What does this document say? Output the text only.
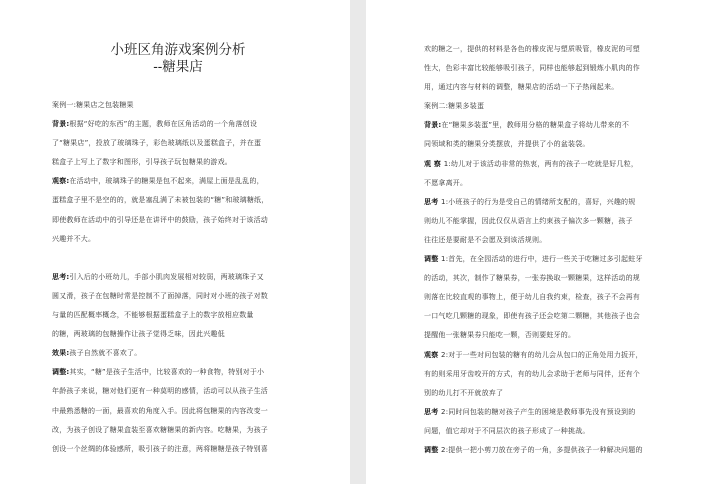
小班区角游戏案例分析
--糖果店
案例一:糖果店之包装糖果
背景:根据“好吃的东西”的主题，教师在区角活动的一个角落创设
了“糖果店”，投放了玻璃珠子，彩色玻璃纸以及蛋糕盒子，并在蛋
糕盒子上写上了数字和图形，引导孩子玩包糖果的游戏。
观察:在活动中，玻璃珠子的糖果是包不起来，满屋上面是乱乱的，
蛋糕盒子里不是空的的，就是塞乱满了未被包装的“糖”和玻璃糖纸，
即使教师在活动中的引导还是在讲评中的鼓励，孩子始终对于该活动
兴趣并不大。
思考:引入后的小班幼儿，手部小肌肉发展相对较弱，两玻璃珠子又
圆又滑，孩子在包糖时常是控制不了面掉落，同时对小班的孩子对数
与量的匹配概率概念，不能够根据蛋糕盒子上的数字放相应数量
的糖，两玻璃的包糖操作让孩子觉得乏味，因此兴趣低
效果:孩子自然就不喜欢了。
调整:其实，“糖”是孩子生活中，比较喜欢的一种食物，特别对于小
年龄孩子来说，糖对他们更有一种莫明的感情，活动可以从孩子生活
中最熟悉糖的一面，最喜欢的角度入手。因此将包糖果的内容改变一
改，为孩子创设了糖果盒装至喜欢糖糖果的新内容。吃糖果，为孩子
创设一个丝绸的体验感所，吸引孩子的注意，两将糖糖是孩子特别喜
欢的糖之一，提供的材料是各色的橡皮泥与塑质吸管，橡皮泥的可塑
性大，色彩丰富比较能够吸引孩子，同样也能够起到锻炼小肌肉的作
用，通过内容与材料的调整，糖果店的活动一下子热闹起来。
案例二:糖果多装蛋
背景:在“糖果多装蛋”里，教师用分格的糖果盒子将幼儿带来的不
同领域和类的糖果分类摆放，并提供了小的盆装袋。
观 察 1:幼儿对于该活动非常的热衷，两有的孩子一吃就是好几粒，
不愿拿离开。
思考 1:小班孩子的行为是受自己的情绪所支配的，喜好，兴趣的规
则幼儿不能掌握，因此仅仅从语言上约束孩子偏次多一颗糖，孩子
往往还是要耐是不会愿及到该活规则。
调整 1:首先，在全园活动的进行中，进行一些关于吃糖过多引起蛀牙
的活动，其次，制作了糖果券，一张券换取一颗糖果，这样活动的规
则落在比较直观的事物上，便于幼儿自我约束，检查，孩子不会再有
一口气吃几颗糖的现象，即使有孩子还会吃第二颗糖，其他孩子也会
提醒他一张糖果券只能吃一颗，否则要蛀牙的。
观察 2:对于一些对问包装的糖有的幼儿会从包口的正角处用力扳开，
有的则采用牙齿咬开的方式，有的幼儿会求助于老师与同伴，还有个
别的幼儿打不开就放弃了
思考 2:同时问包装的糖对孩子产生的困境是教师事先没有预设到的
问题，值它却对于不同层次的孩子形成了一种挑战。
调整 2:提供一把小剪刀放在旁子的一角，多提供孩子一种解决问题的
